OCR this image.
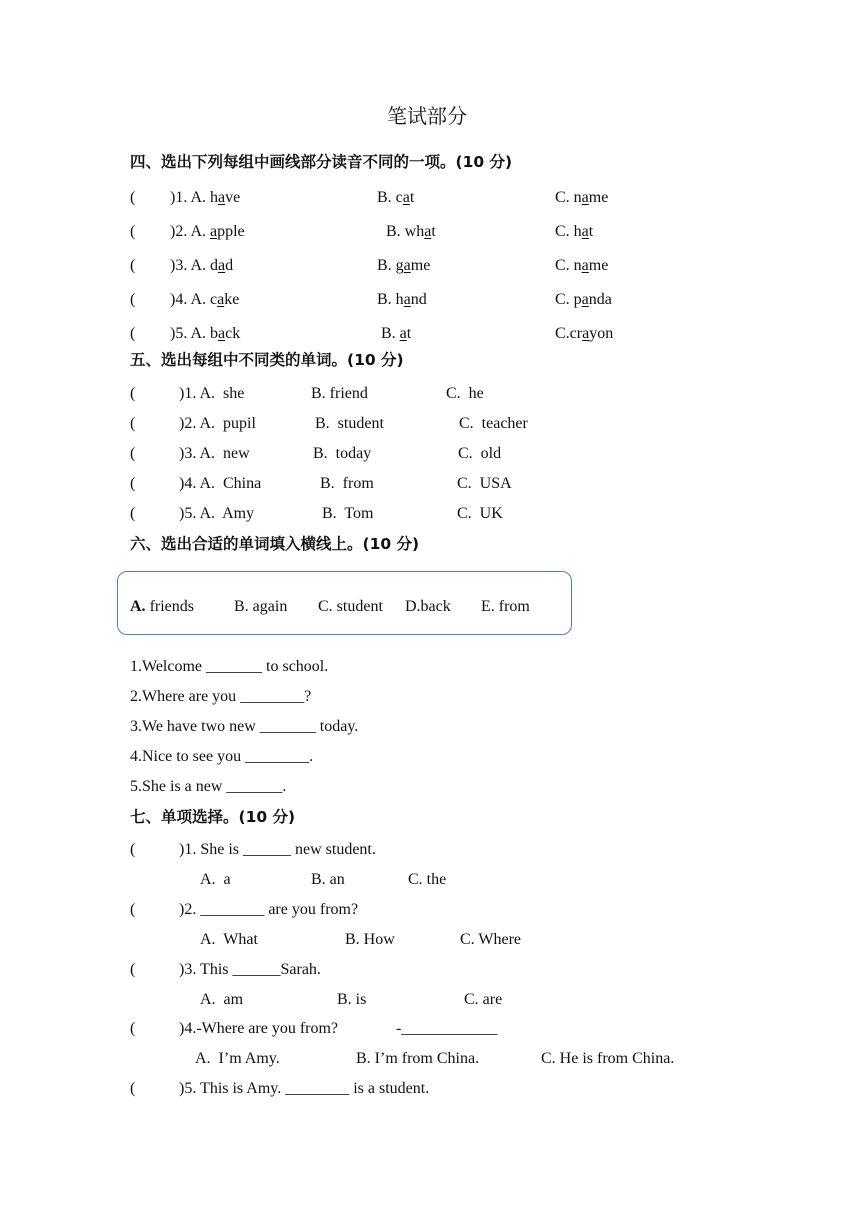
笔试部分
四、选出下列每组中画线部分读音不同的一项。(10 分)
( )1. A. have	B. cat	C. name
( )2. A. apple	B. what	C. hat
( )3. A. dad	B. game	C. name
( )4. A. cake	B. hand	C. panda
( )5. A. back	B. at	C.crayon
五、选出每组中不同类的单词。(10 分)
(	)1. A.  she	B. friend	C.  he
(	)2. A.  pupil	B.  student	C.  teacher
(	)3. A.  new	B.  today	C.  old
(	)4. A.  China	B.  from	C.  USA
(	)5. A.  Amy	B.  Tom	C.  UK
六、选出合适的单词填入横线上。(10 分)
A. friends	B. again C. student D.back E. from
1.Welcome _______ to school.
2.Where are you ________?
3.We have two new _______ today.
4.Nice to see you ________.
5.She is a new _______.
七、单项选择。(10 分)
(	)1. She is ______ new student.
A.  a	B. an	C. the
(	)2. ________ are you from?
A.  What	B. How	C. Where
(	)3. This ______Sarah.
A.  am	B. is	C. are
(	)4.-Where are you from?	-____________
A.  I’m Amy.	B. I’m from China.	C. He is from China.
(	)5. This is Amy. ________ is a student.
